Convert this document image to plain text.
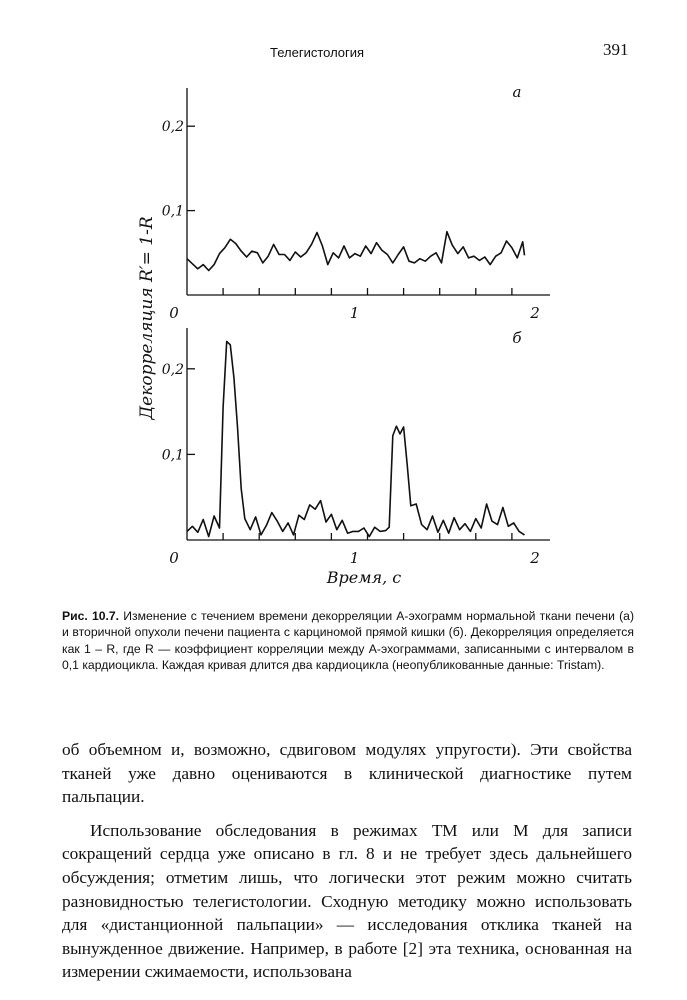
Телегистология	391
Декорреляция R′= 1-R
0,1
0,2
0	1	2
а
0,1
0,2
0	1	2
б
Время, с
Рис. 10.7. Изменение с течением времени декорреляции А-эхограмм нормальной ткани печени (а) и вторичной опухоли печени пациента с карциномой прямой кишки (б). Декорреляция определяется как 1 – R, где R — коэффициент корреляции между А-эхограммами, записанными с интервалом в 0,1 кардиоцикла. Каждая кривая длится два кардиоцикла (неопубликованные данные: Tristam).

об объемном и, возможно, сдвиговом модулях упругости). Эти свойства тканей уже давно оцениваются в клинической диагностике путем пальпации.

Использование обследования в режимах ТМ или М для записи сокращений сердца уже описано в гл. 8 и не требует здесь дальнейшего обсуждения; отметим лишь, что логически этот режим можно считать разновидностью телегистологии. Сходную методику можно использовать для «дистанционной пальпации» — исследования отклика тканей на вынужденное движение. Например, в работе [2] эта техника, основанная на измерении сжимаемости, использована
